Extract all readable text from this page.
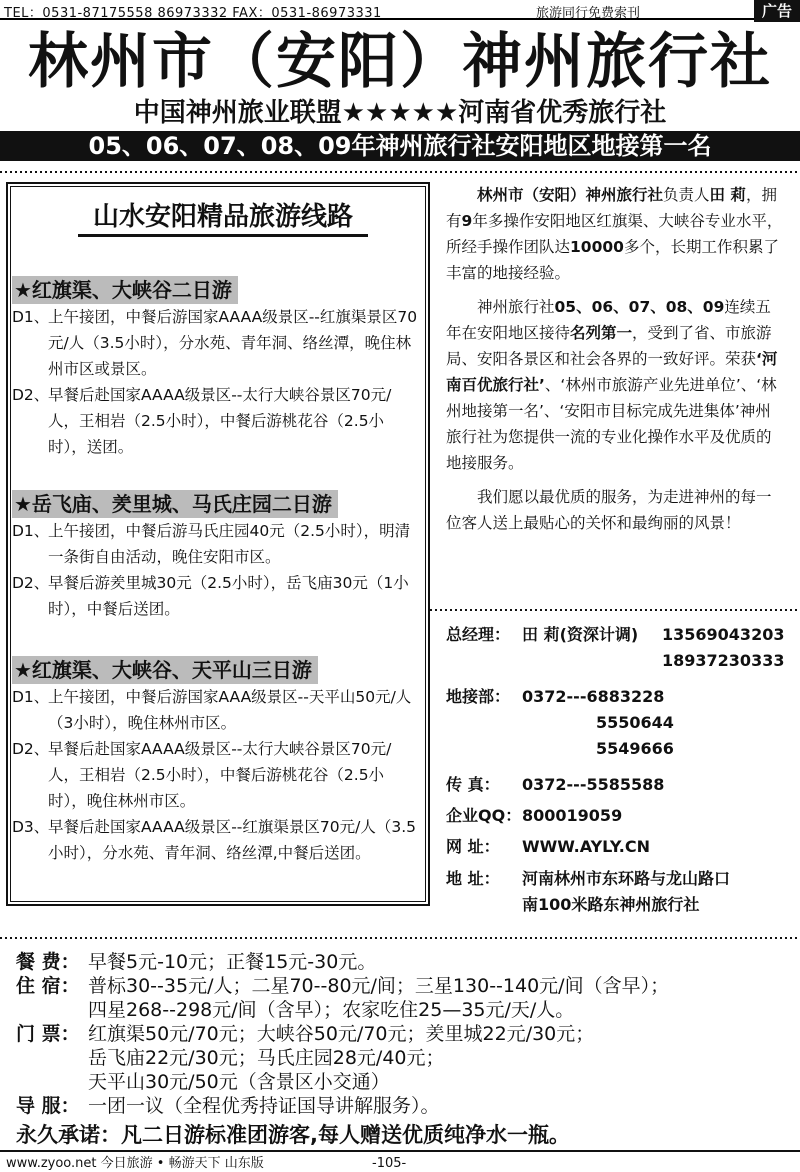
TEL：0531-87175558 86973332 FAX：0531-86973331	旅游同行免费索刊	广告
林州市（安阳）神州旅行社
中国神州旅业联盟★★★★★河南省优秀旅行社
05、06、07、08、09年神州旅行社安阳地区地接第一名
山水安阳精品旅游线路
★红旗渠、大峡谷二日游
D1、
上午接团，中餐后游国家AAAA级景区--红旗渠景区70元/人（3.5小时），分水苑、青年洞、络丝潭，晚住林州市区或景区。
D2、
早餐后赴国家AAAA级景区--太行大峡谷景区70元/人，王相岩（2.5小时），中餐后游桃花谷（2.5小时），送团。
★岳飞庙、羑里城、马氏庄园二日游
D1、
上午接团，中餐后游马氏庄园40元（2.5小时），明清一条街自由活动，晚住安阳市区。
D2、
早餐后游羑里城30元（2.5小时），岳飞庙30元（1小时），中餐后送团。
★红旗渠、大峡谷、天平山三日游
D1、
上午接团，中餐后游国家AAA级景区--天平山50元/人（3小时），晚住林州市区。
D2、
早餐后赴国家AAAA级景区--太行大峡谷景区70元/人，王相岩（2.5小时），中餐后游桃花谷（2.5小时），晚住林州市区。
D3、
早餐后赴国家AAAA级景区--红旗渠景区70元/人（3.5小时），分水苑、青年洞、络丝潭,中餐后送团。

林州市（安阳）神州旅行社负责人田 莉，拥有9年多操作安阳地区红旗渠、大峡谷专业水平，所经手操作团队达10000多个，长期工作积累了丰富的地接经验。

神州旅行社05、06、07、08、09连续五年在安阳地区接待名列第一，受到了省、市旅游局、安阳各景区和社会各界的一致好评。荣获‘河南百优旅行社’、‘林州市旅游产业先进单位’、‘林州地接第一名’、‘安阳市目标完成先进集体’神州旅行社为您提供一流的专业化操作水平及优质的地接服务。

我们愿以最优质的服务，为走进神州的每一位客人送上最贴心的关怀和最绚丽的风景！

总经理： 田 莉(资深计调) 13569043203
18937230333
地接部： 0372---6883228
5550644
5549666
传 真： 0372---5585588
企业QQ： 800019059
网 址： WWW.AYLY.CN
地 址： 河南林州市东环路与龙山路口
南100米路东神州旅行社
餐 费： 早餐5元-10元；正餐15元-30元。
住 宿： 普标30--35元/人；二星70--80元/间；三星130--140元/间（含早）；
四星268--298元/间（含早）；农家吃住25—35元/天/人。
门 票： 红旗渠50元/70元；大峡谷50元/70元；羑里城22元/30元；
岳飞庙22元/30元；马氏庄园28元/40元；
天平山30元/50元（含景区小交通）
导 服： 一团一议（全程优秀持证国导讲解服务）。
永久承诺：凡二日游标准团游客,每人赠送优质纯净水一瓶。
www.zyoo.net 今日旅游 • 畅游天下 山东版	-105-
